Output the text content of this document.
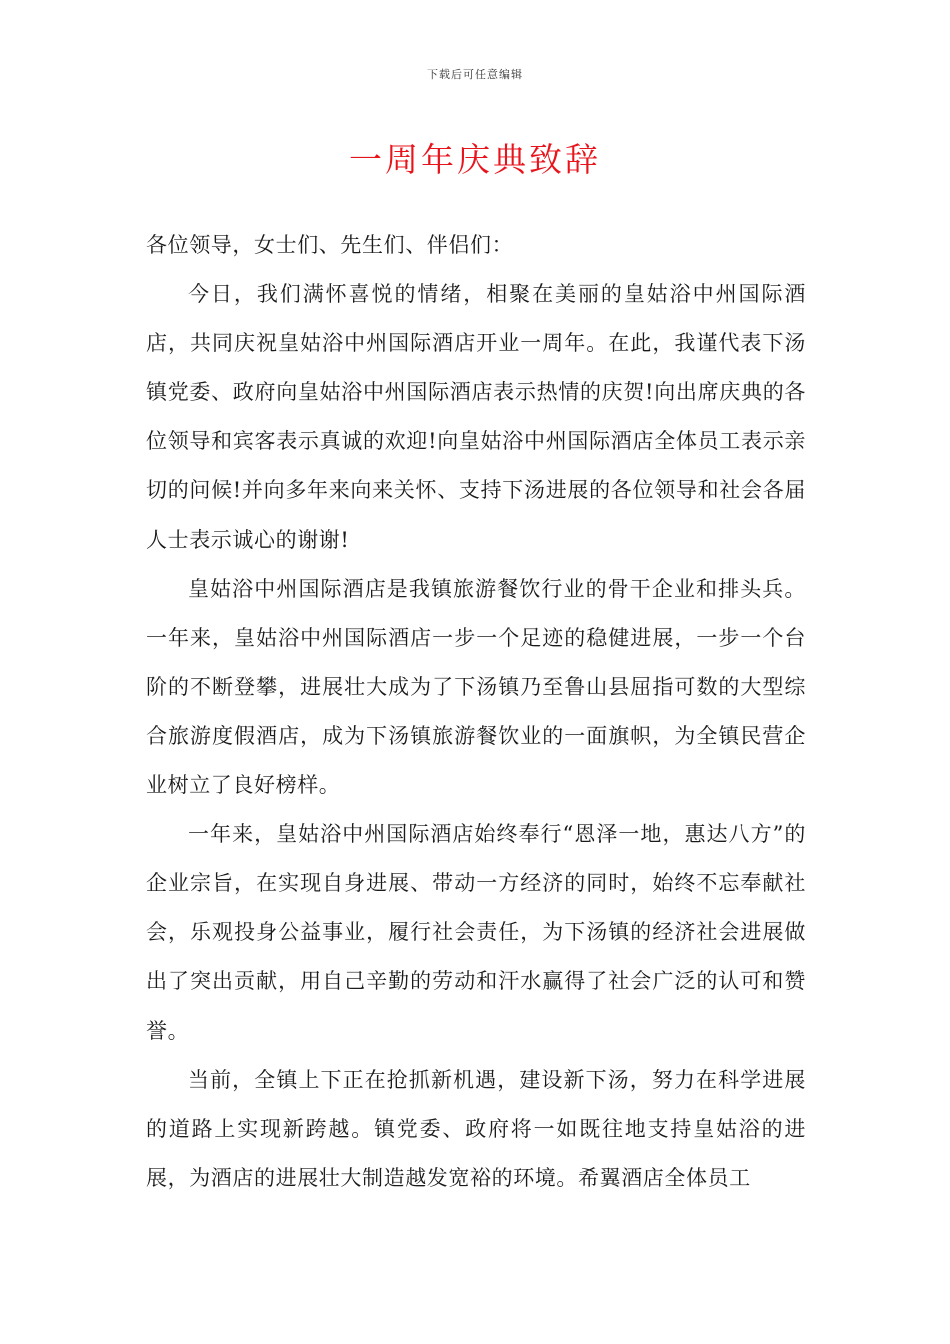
下载后可任意编辑
一周年庆典致辞

各位领导，女士们、先生们、伴侣们：

今日，我们满怀喜悦的情绪，相聚在美丽的皇姑浴中州国际酒店，共同庆祝皇姑浴中州国际酒店开业一周年。在此，我谨代表下汤镇党委、政府向皇姑浴中州国际酒店表示热情的庆贺!向出席庆典的各位领导和宾客表示真诚的欢迎!向皇姑浴中州国际酒店全体员工表示亲切的问候!并向多年来向来关怀、支持下汤进展的各位领导和社会各届人士表示诚心的谢谢!

皇姑浴中州国际酒店是我镇旅游餐饮行业的骨干企业和排头兵。一年来，皇姑浴中州国际酒店一步一个足迹的稳健进展，一步一个台阶的不断登攀，进展壮大成为了下汤镇乃至鲁山县屈指可数的大型综合旅游度假酒店，成为下汤镇旅游餐饮业的一面旗帜，为全镇民营企业树立了良好榜样。

一年来，皇姑浴中州国际酒店始终奉行“恩泽一地，惠达八方”的企业宗旨，在实现自身进展、带动一方经济的同时，始终不忘奉献社会，乐观投身公益事业，履行社会责任，为下汤镇的经济社会进展做出了突出贡献，用自己辛勤的劳动和汗水赢得了社会广泛的认可和赞誉。

当前，全镇上下正在抢抓新机遇，建设新下汤，努力在科学进展的道路上实现新跨越。镇党委、政府将一如既往地支持皇姑浴的进展，为酒店的进展壮大制造越发宽裕的环境。希翼酒店全体员工
